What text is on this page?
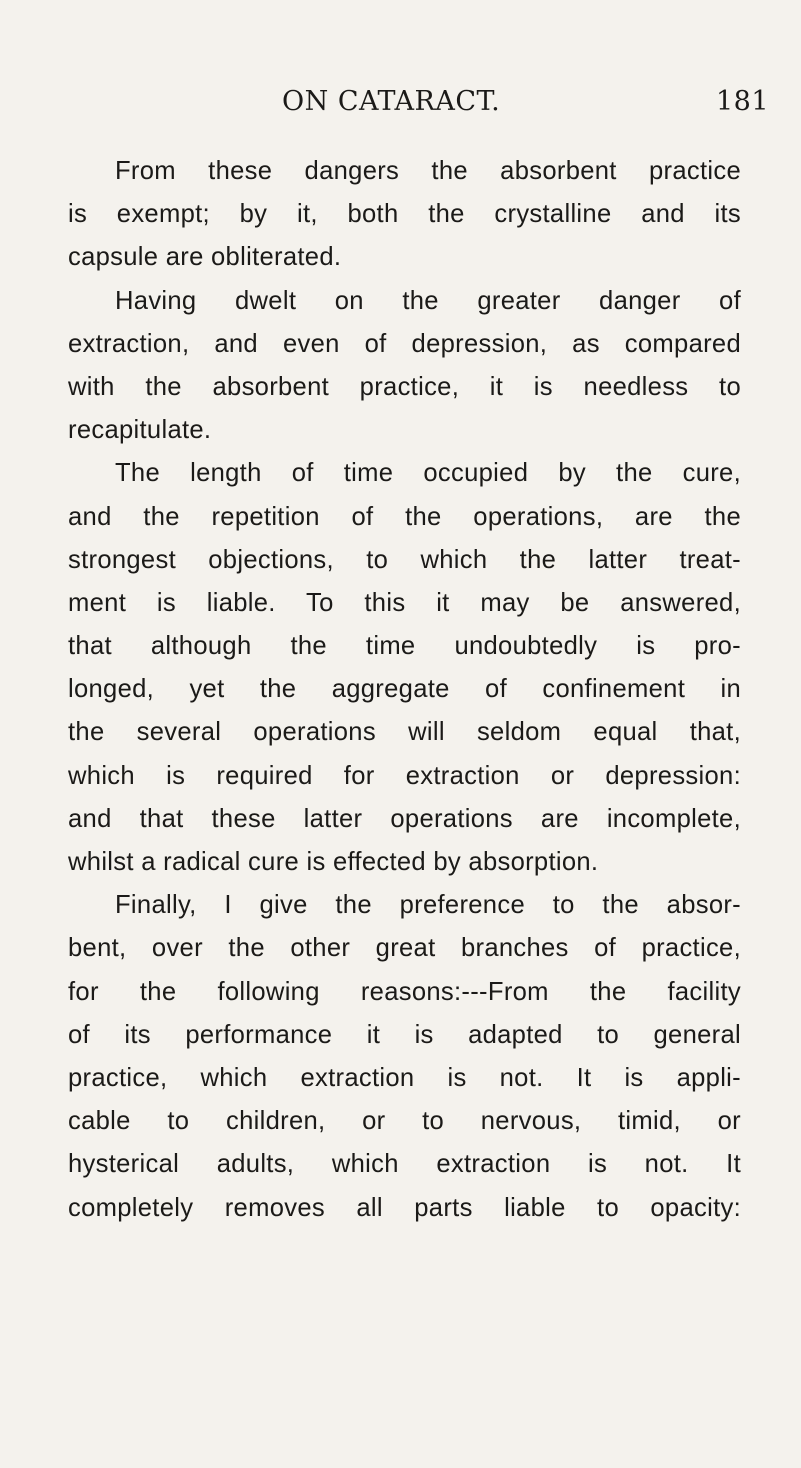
ON CATARACT.	181
From these dangers the absorbent practice
is exempt; by it, both the crystalline and its
capsule are obliterated.
Having dwelt on the greater danger of
extraction, and even of depression, as compared
with the absorbent practice, it is needless to
recapitulate.
The length of time occupied by the cure,
and the repetition of the operations, are the
strongest objections, to which the latter treat-
ment is liable. To this it may be answered,
that although the time undoubtedly is pro-
longed, yet the aggregate of confinement in
the several operations will seldom equal that,
which is required for extraction or depression:
and that these latter operations are incomplete,
whilst a radical cure is effected by absorption.
Finally, I give the preference to the absor-
bent, over the other great branches of practice,
for the following reasons:---From the facility
of its performance it is adapted to general
practice, which extraction is not. It is appli-
cable to children, or to nervous, timid, or
hysterical adults, which extraction is not. It
completely removes all parts liable to opacity:
